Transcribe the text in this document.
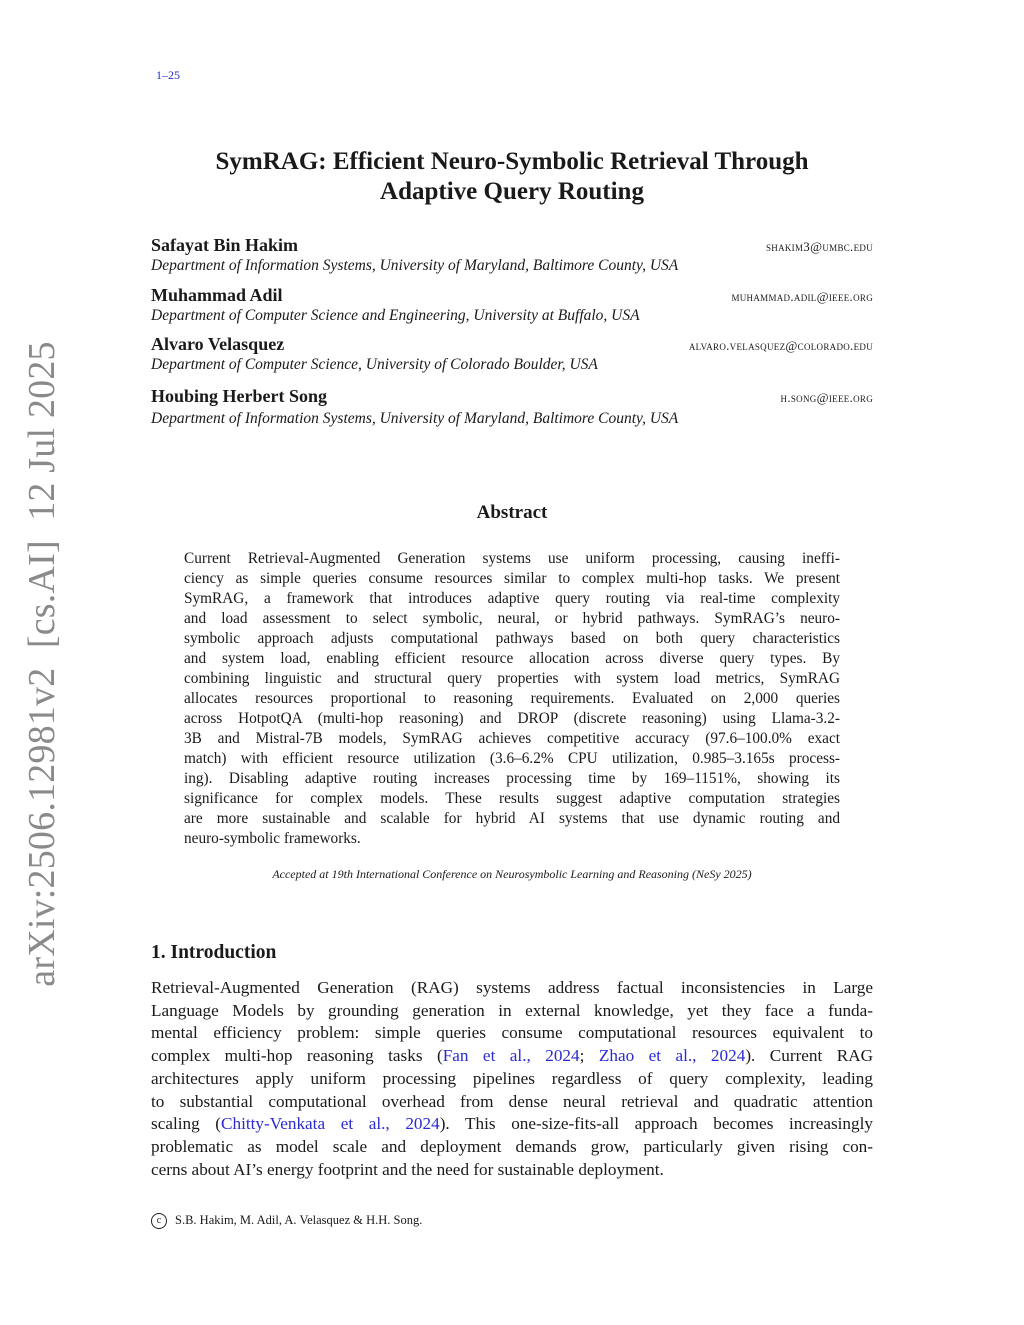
1–25
arXiv:2506.12981v2  [cs.AI]  12 Jul 2025
SymRAG: Efficient Neuro-Symbolic Retrieval Through
Adaptive Query Routing
Safayat Bin Hakim	shakim3@umbc.edu
Department of Information Systems, University of Maryland, Baltimore County, USA
Muhammad Adil	muhammad.adil@ieee.org
Department of Computer Science and Engineering, University at Buffalo, USA
Alvaro Velasquez	alvaro.velasquez@colorado.edu
Department of Computer Science, University of Colorado Boulder, USA
Houbing Herbert Song	h.song@ieee.org
Department of Information Systems, University of Maryland, Baltimore County, USA
Abstract
Current Retrieval-Augmented Generation systems use uniform processing, causing ineffi-
ciency as simple queries consume resources similar to complex multi-hop tasks. We present
SymRAG, a framework that introduces adaptive query routing via real-time complexity
and load assessment to select symbolic, neural, or hybrid pathways. SymRAG’s neuro-
symbolic approach adjusts computational pathways based on both query characteristics
and system load, enabling efficient resource allocation across diverse query types. By
combining linguistic and structural query properties with system load metrics, SymRAG
allocates resources proportional to reasoning requirements. Evaluated on 2,000 queries
across HotpotQA (multi-hop reasoning) and DROP (discrete reasoning) using Llama-3.2-
3B and Mistral-7B models, SymRAG achieves competitive accuracy (97.6–100.0% exact
match) with efficient resource utilization (3.6–6.2% CPU utilization, 0.985–3.165s process-
ing). Disabling adaptive routing increases processing time by 169–1151%, showing its
significance for complex models. These results suggest adaptive computation strategies
are more sustainable and scalable for hybrid AI systems that use dynamic routing and
neuro-symbolic frameworks.
Accepted at 19th International Conference on Neurosymbolic Learning and Reasoning (NeSy 2025)
1. Introduction
Retrieval-Augmented Generation (RAG) systems address factual inconsistencies in Large
Language Models by grounding generation in external knowledge, yet they face a funda-
mental efficiency problem: simple queries consume computational resources equivalent to
complex multi-hop reasoning tasks (Fan et al., 2024; Zhao et al., 2024). Current RAG
architectures apply uniform processing pipelines regardless of query complexity, leading
to substantial computational overhead from dense neural retrieval and quadratic attention
scaling (Chitty-Venkata et al., 2024). This one-size-fits-all approach becomes increasingly
problematic as model scale and deployment demands grow, particularly given rising con-
cerns about AI’s energy footprint and the need for sustainable deployment.
c S.B. Hakim, M. Adil, A. Velasquez & H.H. Song.
